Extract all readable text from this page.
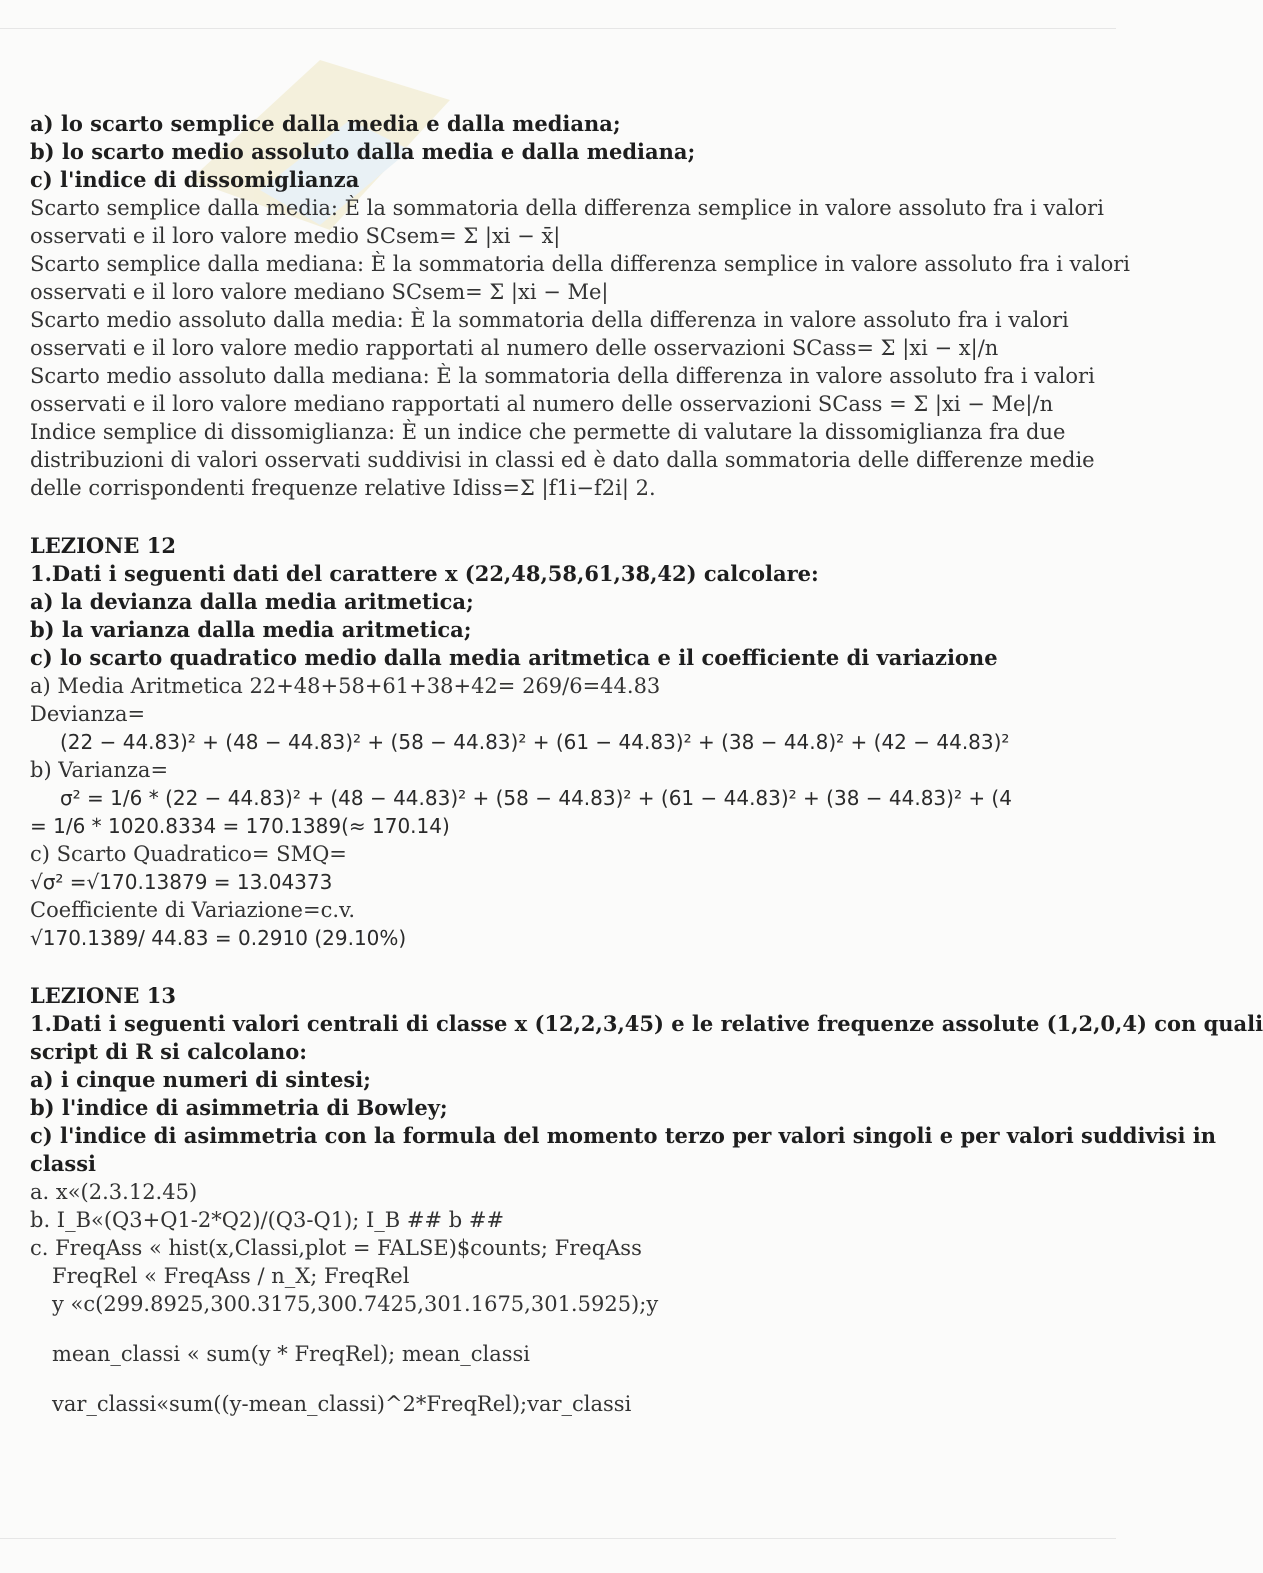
a) lo scarto semplice dalla media e dalla mediana;
b) lo scarto medio assoluto dalla media e dalla mediana;
c) l'indice di dissomiglianza
Scarto semplice dalla media: È la sommatoria della differenza semplice in valore assoluto fra i valori
osservati e il loro valore medio SCsem= Σ |xi − x̄|
Scarto semplice dalla mediana: È la sommatoria della differenza semplice in valore assoluto fra i valori
osservati e il loro valore mediano SCsem= Σ |xi − Me|
Scarto medio assoluto dalla media: È la sommatoria della differenza in valore assoluto fra i valori
osservati e il loro valore medio rapportati al numero delle osservazioni SCass= Σ |xi − x|/n
Scarto medio assoluto dalla mediana: È la sommatoria della differenza in valore assoluto fra i valori
osservati e il loro valore mediano rapportati al numero delle osservazioni SCass = Σ |xi − Me|/n
Indice semplice di dissomiglianza: È un indice che permette di valutare la dissomiglianza fra due
distribuzioni di valori osservati suddivisi in classi ed è dato dalla sommatoria delle differenze medie
delle corrispondenti frequenze relative Idiss=Σ |f1i−f2i| 2.
LEZIONE 12
1.Dati i seguenti dati del carattere x (22,48,58,61,38,42) calcolare:
a) la devianza dalla media aritmetica;
b) la varianza dalla media aritmetica;
c) lo scarto quadratico medio dalla media aritmetica e il coefficiente di variazione
a) Media Aritmetica 22+48+58+61+38+42= 269/6=44.83
Devianza=
(22 − 44.83)² + (48 − 44.83)² + (58 − 44.83)² + (61 − 44.83)² + (38 − 44.8)² + (42 − 44.83)²
b) Varianza=
σ² = 1/6 * (22 − 44.83)² + (48 − 44.83)² + (58 − 44.83)² + (61 − 44.83)² + (38 − 44.83)² + (4
= 1/6 * 1020.8334 = 170.1389(≈ 170.14)
c) Scarto Quadratico= SMQ=
√σ² =√170.13879 = 13.04373
Coefficiente di Variazione=c.v.
√170.1389/ 44.83 = 0.2910 (29.10%)
LEZIONE 13
1.Dati i seguenti valori centrali di classe x (12,2,3,45) e le relative frequenze assolute (1,2,0,4) con quali
script di R si calcolano:
a) i cinque numeri di sintesi;
b) l'indice di asimmetria di Bowley;
c) l'indice di asimmetria con la formula del momento terzo per valori singoli e per valori suddivisi in
classi
a. x«(2.3.12.45)
b. I_B«(Q3+Q1-2*Q2)/(Q3-Q1); I_B ## b ##
c. FreqAss « hist(x,Classi,plot = FALSE)$counts; FreqAss
FreqRel « FreqAss / n_X; FreqRel
y «c(299.8925,300.3175,300.7425,301.1675,301.5925);y
mean_classi « sum(y * FreqRel); mean_classi
var_classi«sum((y-mean_classi)^2*FreqRel);var_classi
